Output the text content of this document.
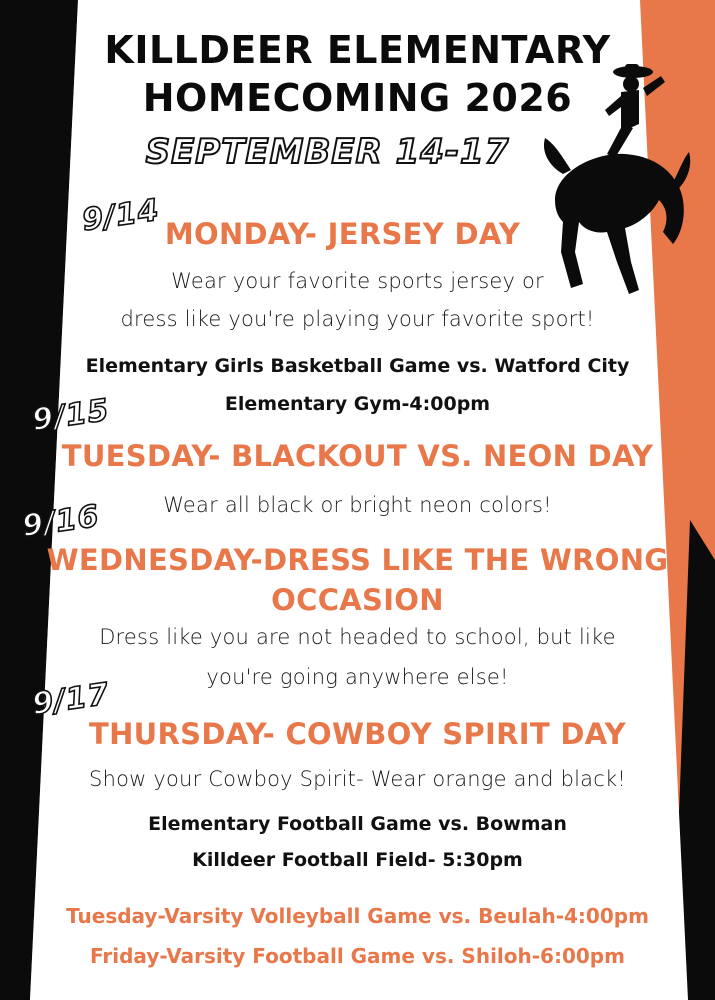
KILLDEER ELEMENTARY
HOMECOMING 2026
SEPTEMBER 14-17
9/14 MONDAY- JERSEY DAY
Wear your favorite sports jersey or
dress like you're playing your favorite sport!
Elementary Girls Basketball Game vs. Watford City
Elementary Gym-4:00pm
9/15
TUESDAY- BLACKOUT VS. NEON DAY
Wear all black or bright neon colors!
9/16
WEDNESDAY-DRESS LIKE THE WRONG
OCCASION
Dress like you are not headed to school, but like
you're going anywhere else!
9/17
THURSDAY- COWBOY SPIRIT DAY
Show your Cowboy Spirit- Wear orange and black!
Elementary Football Game vs. Bowman
Killdeer Football Field- 5:30pm
Tuesday-Varsity Volleyball Game vs. Beulah-4:00pm
Friday-Varsity Football Game vs. Shiloh-6:00pm
